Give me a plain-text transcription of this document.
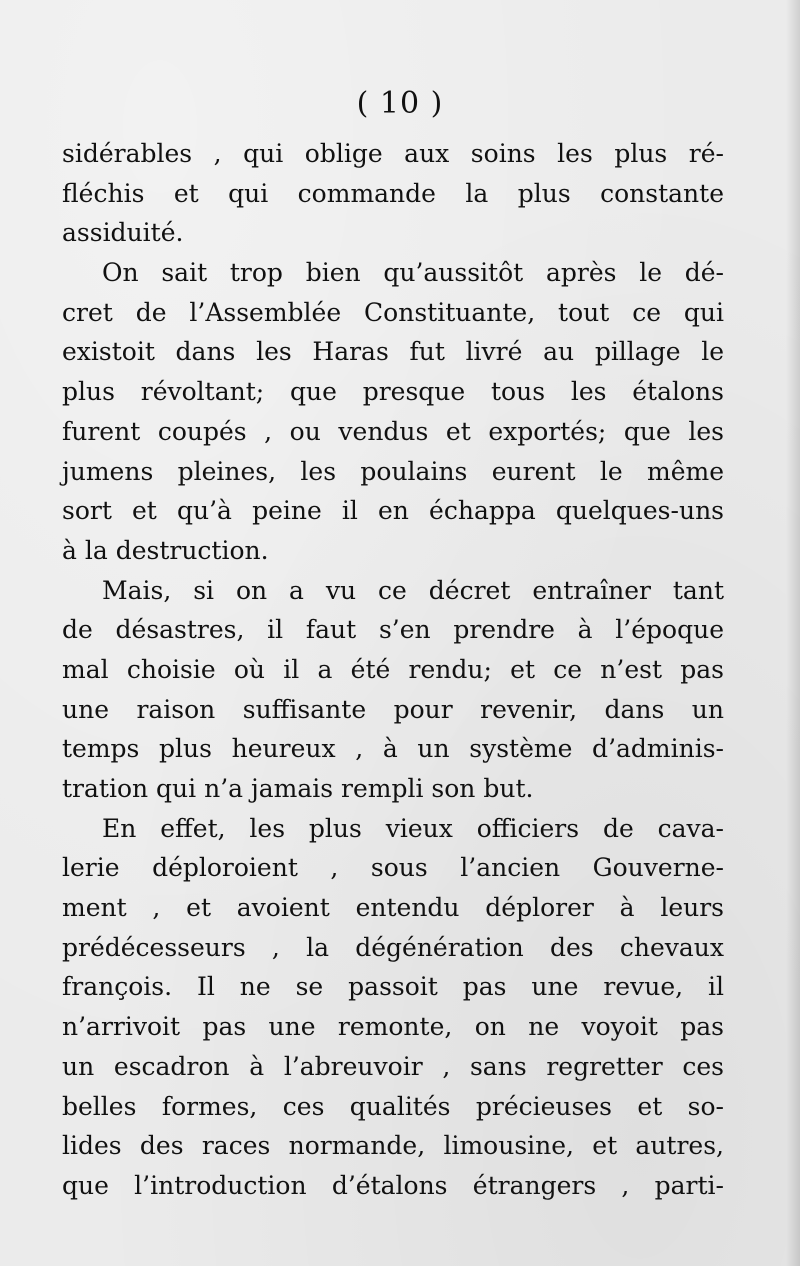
( 10 )
sidérables , qui oblige aux soins les plus ré-
fléchis et qui commande la plus constante
assiduité.
On sait trop bien qu’aussitôt après le dé-
cret de l’Assemblée Constituante, tout ce qui
existoit dans les Haras fut livré au pillage le
plus révoltant; que presque tous les étalons
furent coupés , ou vendus et exportés; que les
jumens pleines, les poulains eurent le même
sort et qu’à peine il en échappa quelques-uns
à la destruction.
Mais, si on a vu ce décret entraîner tant
de désastres, il faut s’en prendre à l’époque
mal choisie où il a été rendu; et ce n’est pas
une raison suffisante pour revenir, dans un
temps plus heureux , à un système d’adminis-
tration qui n’a jamais rempli son but.
En effet, les plus vieux officiers de cava-
lerie déploroient , sous l’ancien Gouverne-
ment , et avoient entendu déplorer à leurs
prédécesseurs , la dégénération des chevaux
françois. Il ne se passoit pas une revue, il
n’arrivoit pas une remonte, on ne voyoit pas
un escadron à l’abreuvoir , sans regretter ces
belles formes, ces qualités précieuses et so-
lides des races normande, limousine, et autres,
que l’introduction d’étalons étrangers , parti-
